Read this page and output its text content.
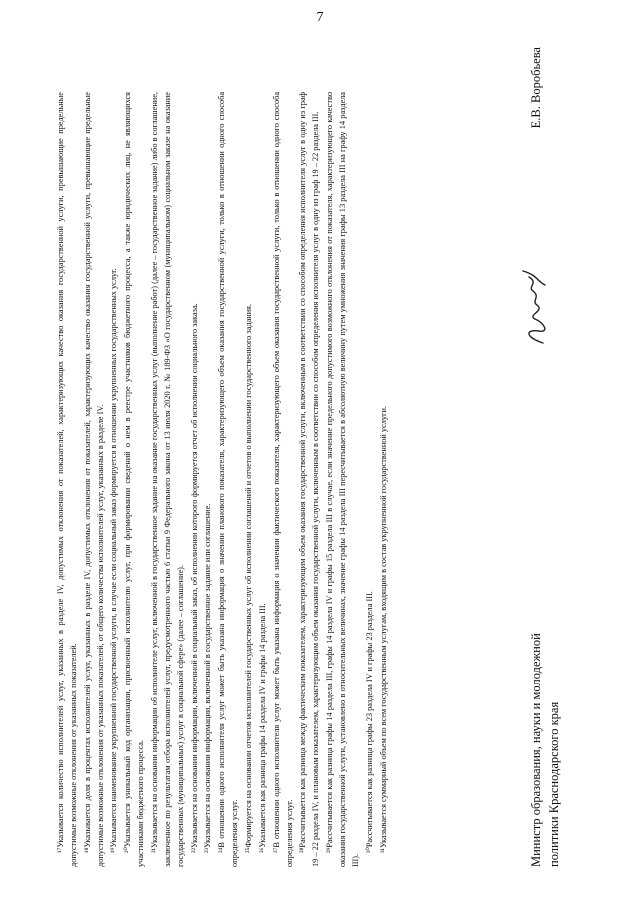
7

¹⁷Указывается количество исполнителей услуг, указанных в разделе IV, допустимых отклонения от показателей, характеризующих качество оказания государственной услуги, превышающие предельные допустимые возможные отклонения от указанных показателей. ¹⁸Указывается доля в процентах исполнителей услуг, указанных в разделе IV, допустимых отклонения от показателей, характеризующих качество оказания государственной услуги, превышающие предельные допустимые возможные отклонения от указанных показателей, от общего количества исполнителей услуг, указанных в разделе IV. ¹⁹Указывается наименование укрупненной государственной услуги, в случае если социальный заказ формируется в отношении укрупненных государственных услуг. ²⁰Указывается уникальный код организации, присвоенный исполнителю услуг, при формировании сведений о нем в реестре участников бюджетного процесса, а также юридических лиц, не являющихся участниками бюджетного процесса. ²¹Указывается на основании информации об исполнителе услуг, включенной в государственное задание на оказание государственных услуг (выполнение работ) (далее – государственное задание) либо в соглашение, заключенное по результатам отбора исполнителей услуг, предусмотренного частью 6 статьи 9 Федерального закона от 13 июля 2020 г. № 189-ФЗ «О государственном (муниципальном) социальном заказе на оказание государственных (муниципальных) услуг в социальной сфере» (далее – соглашение). ²²Указывается на основании информации, включенной в социальный заказ, об исполнении которого формируется отчет об исполнении социального заказа. ²³Указывается на основании информации, включенной в государственное задание или соглашение. ²⁴В отношении одного исполнителя услуг может быть указана информация о значении планового показателя, характеризующего объем оказания государственной услуги, только в отношении одного способа определения услуг. ²⁵Формируется на основании отчетов исполнителей государственных услуг об исполнении соглашений и отчетов о выполнении государственного задания. ²⁶Указывается как разница графы 14 раздела IV и графы 14 раздела III. ²⁷В отношении одного исполнителя услуг может быть указана информация о значении фактического показателя, характеризующего объем оказания государственной услуги, только в отношении одного способа определения услуг. ²⁸Рассчитывается как разница между фактическим показателем, характеризующим объем оказания государственной услуги, включенным в соответствии со способом определения исполнителя услуг в одну из граф 19 – 22 раздела IV, и плановым показателем, характеризующим объем оказания государственной услуги, включенным в соответствии со способом определения исполнителя услуг в одну из граф 19 – 22 раздела III. ²⁹Рассчитывается как разница графы 14 раздела III, графы 14 раздела IV и графы 15 раздела III в случае, если значение предельного допустимого возможного отклонения от показателя, характеризующего качество оказания государственной услуги, установлено в относительных величинах, значение графы 14 раздела III пересчитывается в абсолютную величину путем умножения значения графы 13 раздела III на графу 14 раздела III).

³⁰Рассчитывается как разница графы 23 раздела IV и графы 23 раздела III. ³¹Указывается суммарный объем по всем государственным услугам, входящим в состав укрупненной государственной услуги.	Министр образования, науки и молодежной политики Краснодарского края
Е.В. Воробьева
